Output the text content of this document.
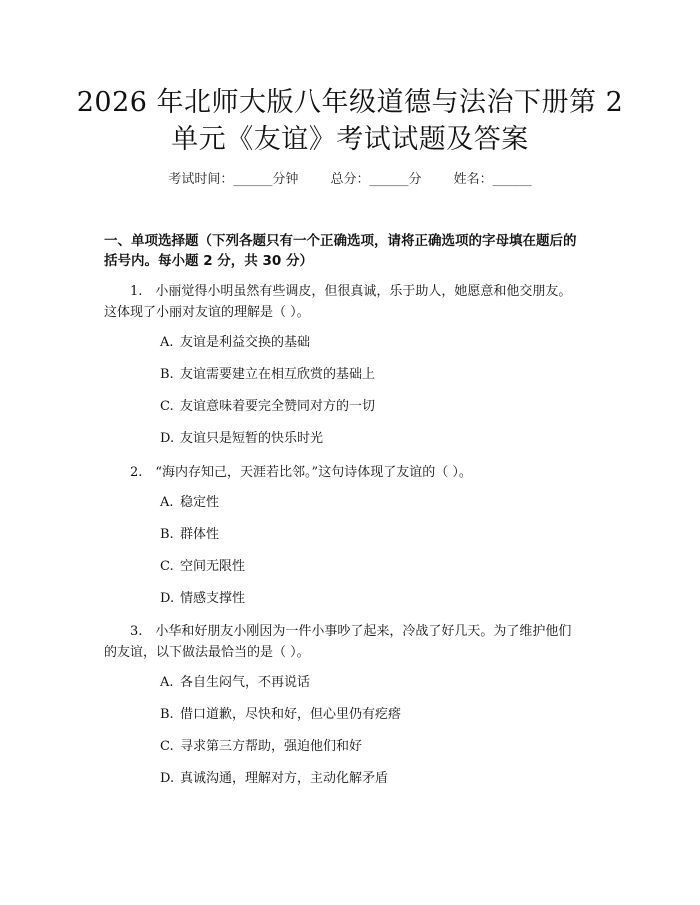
2026 年北师大版八年级道德与法治下册第 2
单元《友谊》考试试题及答案
考试时间：______分钟 总分：______分 姓名：______
一、单项选择题（下列各题只有一个正确选项，请将正确选项的字母填在题后的
括号内。每小题 2 分，共 30 分）
1.　小丽觉得小明虽然有些调皮，但很真诚，乐于助人，她愿意和他交朋友。
这体现了小丽对友谊的理解是（ ）。
A. 友谊是利益交换的基础
B. 友谊需要建立在相互欣赏的基础上
C. 友谊意味着要完全赞同对方的一切
D. 友谊只是短暂的快乐时光
2.　“海内存知己，天涯若比邻。”这句诗体现了友谊的（ ）。
A. 稳定性
B. 群体性
C. 空间无限性
D. 情感支撑性
3.　小华和好朋友小刚因为一件小事吵了起来，冷战了好几天。为了维护他们
的友谊，以下做法最恰当的是（ ）。
A. 各自生闷气，不再说话
B. 借口道歉，尽快和好，但心里仍有疙瘩
C. 寻求第三方帮助，强迫他们和好
D. 真诚沟通，理解对方，主动化解矛盾
